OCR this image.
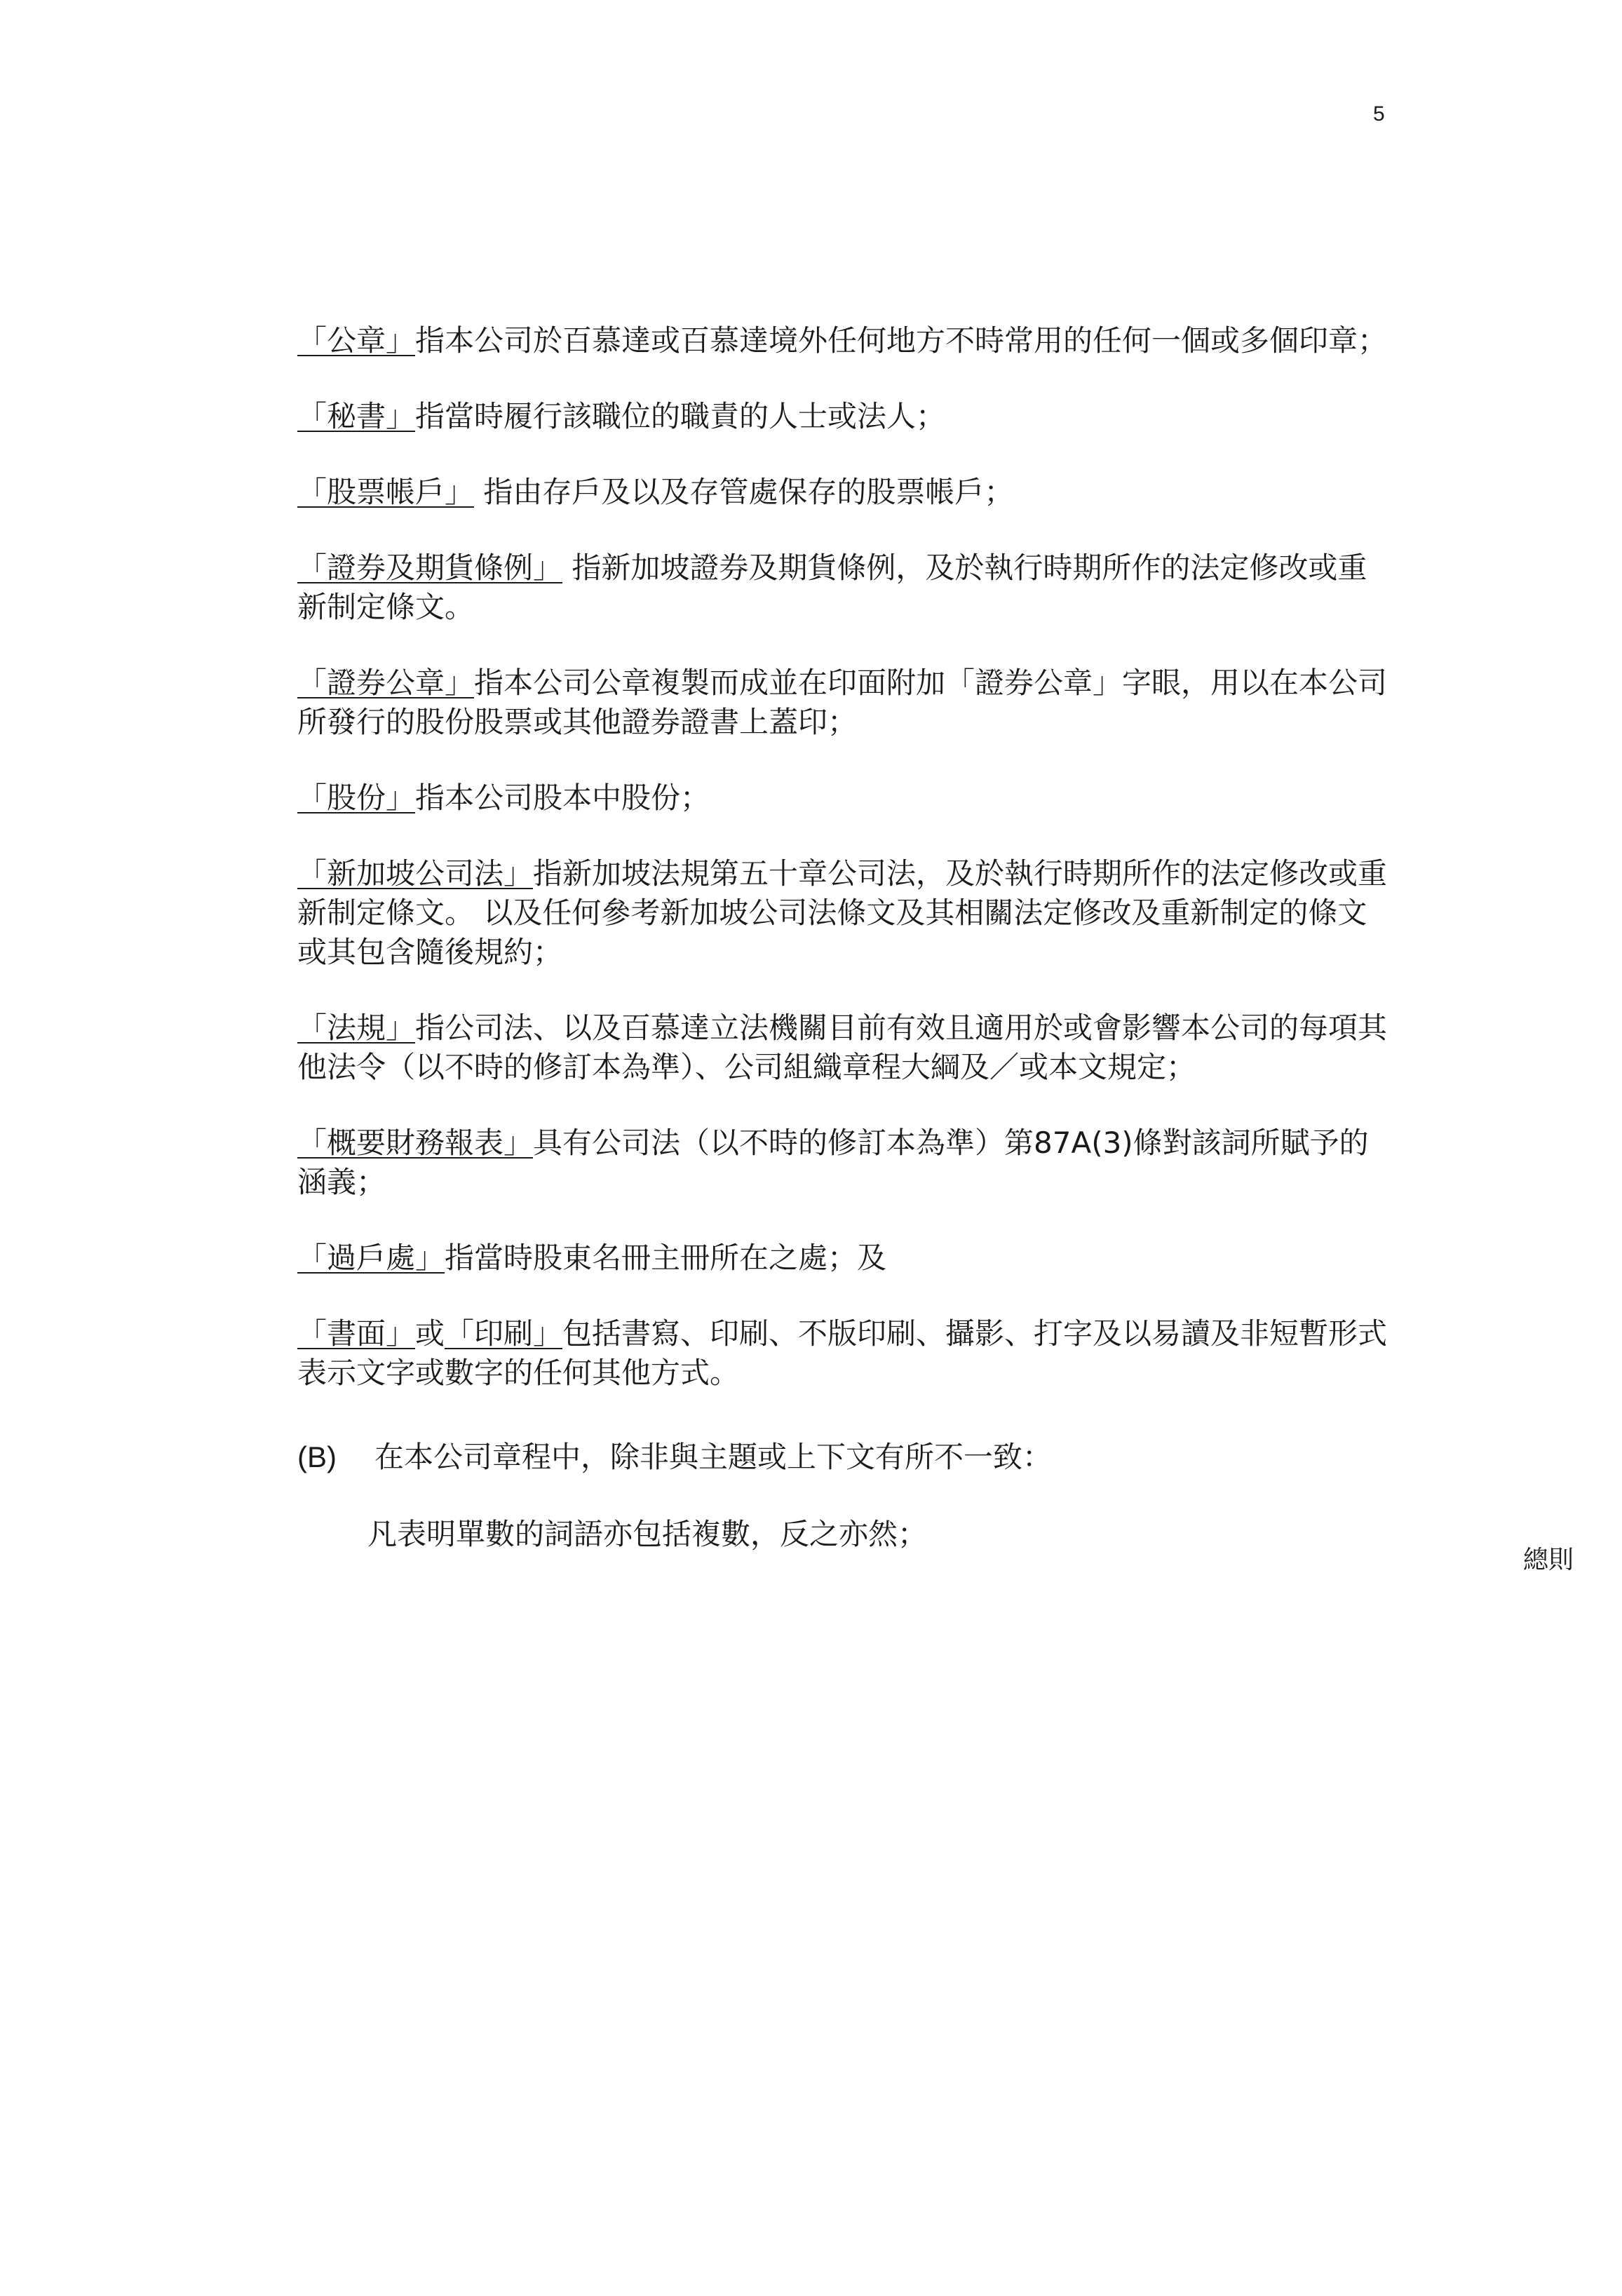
5

「公章」指本公司於百慕達或百慕達境外任何地方不時常用的任何一個或多個印章；

「秘書」指當時履行該職位的職責的人士或法人；

「股票帳戶」 指由存戶及以及存管處保存的股票帳戶；

「證券及期貨條例」 指新加坡證券及期貨條例，及於執行時期所作的法定修改或重新制定條文。

「證券公章」指本公司公章複製而成並在印面附加「證券公章」字眼，用以在本公司所發行的股份股票或其他證券證書上蓋印；

「股份」指本公司股本中股份；

「新加坡公司法」指新加坡法規第五十章公司法，及於執行時期所作的法定修改或重新制定條文。 以及任何參考新加坡公司法條文及其相關法定修改及重新制定的條文或其包含隨後規約；

「法規」指公司法、以及百慕達立法機關目前有效且適用於或會影響本公司的每項其他法令（以不時的修訂本為準）、公司組織章程大綱及／或本文規定；

「概要財務報表」具有公司法（以不時的修訂本為準）第87A(3)條對該詞所賦予的涵義；

「過戶處」指當時股東名冊主冊所在之處；及

「書面」或「印刷」包括書寫、印刷、不版印刷、攝影、打字及以易讀及非短暫形式表示文字或數字的任何其他方式。

(B) 在本公司章程中，除非與主題或上下文有所不一致：

凡表明單數的詞語亦包括複數，反之亦然；

總則
